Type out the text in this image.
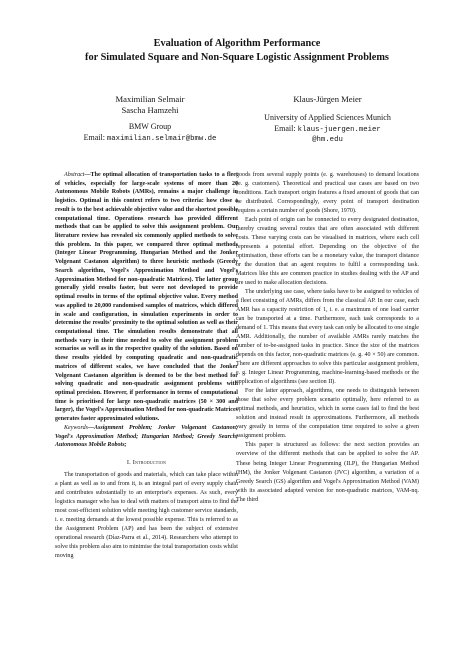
Evaluation of Algorithm Performance
for Simulated Square and Non-Square Logistic Assignment Problems
Maximilian Selmair
Sascha Hamzehi
BMW Group
Email: maximilian.selmair@bmw.de
Klaus-Jürgen Meier
University of Applied Sciences Munich
Email: klaus-juergen.meier
@hm.edu

Abstract—The optimal allocation of transportation tasks to a fleet of vehicles, especially for large-scale systems of more than 20 Autonomous Mobile Robots (AMRs), remains a major challenge in logistics. Optimal in this context refers to two criteria: how close a result is to the best achievable objective value and the shortest possible computational time. Operations research has provided different methods that can be applied to solve this assignment problem. Our literature review has revealed six commonly applied methods to solve this problem. In this paper, we compared three optimal methods (Integer Linear Programming, Hungarian Method and the Jonker Volgenant Castanon algorithm) to three heuristic methods (Greedy Search algorithm, Vogel's Approximation Method and Vogel's Approximation Method for non-quadratic Matrices). The latter group generally yield results faster, but were not developed to provide optimal results in terms of the optimal objective value. Every method was applied to 20,000 randomised samples of matrices, which differed in scale and configuration, in simulation experiments in order to determine the results' proximity to the optimal solution as well as their computational time. The simulation results demonstrate that all methods vary in their time needed to solve the assignment problem scenarios as well as in the respective quality of the solution. Based on these results yielded by computing quadratic and non-quadratic matrices of different scales, we have concluded that the Jonker Volgenant Castanon algorithm is deemed to be the best method for solving quadratic and non-quadratic assignment problems with optimal precision. However, if performance in terms of computational time is prioritised for large non-quadratic matrices (50 × 300 and larger), the Vogel's Approximation Method for non-quadratic Matrices generates faster approximated solutions.

Keywords—Assignment Problem; Jonker Volgenant Castanon; Vogel's Approximation Method; Hungarian Method; Greedy Search; Autonomous Mobile Robots;

I. Introduction

The transportation of goods and materials, which can take place within a plant as well as to and from it, is an integral part of every supply chain and contributes substantially to an enterprise's expenses. As such, every logistics manager who has to deal with matters of transport aims to find the most cost-efficient solution while meeting high customer service standards, i. e. meeting demands at the lowest possible expense. This is referred to as the Assignment Problem (AP) and has been the subject of extensive operational research (Díaz-Parra et al., 2014). Researchers who attempt to solve this problem also aim to minimise the total transportation costs whilst moving

goods from several supply points (e. g. warehouses) to demand locations (e. g. customers). Theoretical and practical use cases are based on two conditions. Each transport origin features a fixed amount of goods that can be distributed. Correspondingly, every point of transport destination requires a certain number of goods (Shore, 1970).

Each point of origin can be connected to every designated destination, thereby creating several routes that are often associated with different costs. These varying costs can be visualised in matrices, where each cell represents a potential effort. Depending on the objective of the optimisation, these efforts can be a monetary value, the transport distance or the duration that an agent requires to fulfil a corresponding task. Matrices like this are common practice in studies dealing with the AP and are used to make allocation decisions.

The underlying use case, where tasks have to be assigned to vehicles of a fleet consisting of AMRs, differs from the classical AP. In our case, each AMR has a capacity restriction of 1, i. e. a maximum of one load carrier can be transported at a time. Furthermore, each task corresponds to a demand of 1. This means that every task can only be allocated to one single AMR. Additionally, the number of available AMRs rarely matches the number of to-be-assigned tasks in practice. Since the size of the matrices depends on this factor, non-quadratic matrices (e. g. 40 × 50) are common. There are different approaches to solve this particular assignment problem, e. g. Integer Linear Programming, machine-learning-based methods or the application of algorithms (see section II).

For the latter approach, algorithms, one needs to distinguish between those that solve every problem scenario optimally, here referred to as optimal methods, and heuristics, which in some cases fail to find the best solution and instead result in approximations. Furthermore, all methods vary greatly in terms of the computation time required to solve a given assignment problem.

This paper is structured as follows: the next section provides an overview of the different methods that can be applied to solve the AP. These being Integer Linear Programming (ILP), the Hungarian Method (HM), the Jonker Volgenant Castanon (JVC) algorithm, a variation of a Greedy Search (GS) algorithm and Vogel's Approximation Method (VAM) with its associated adapted version for non-quadratic matrices, VAM-nq. The third
